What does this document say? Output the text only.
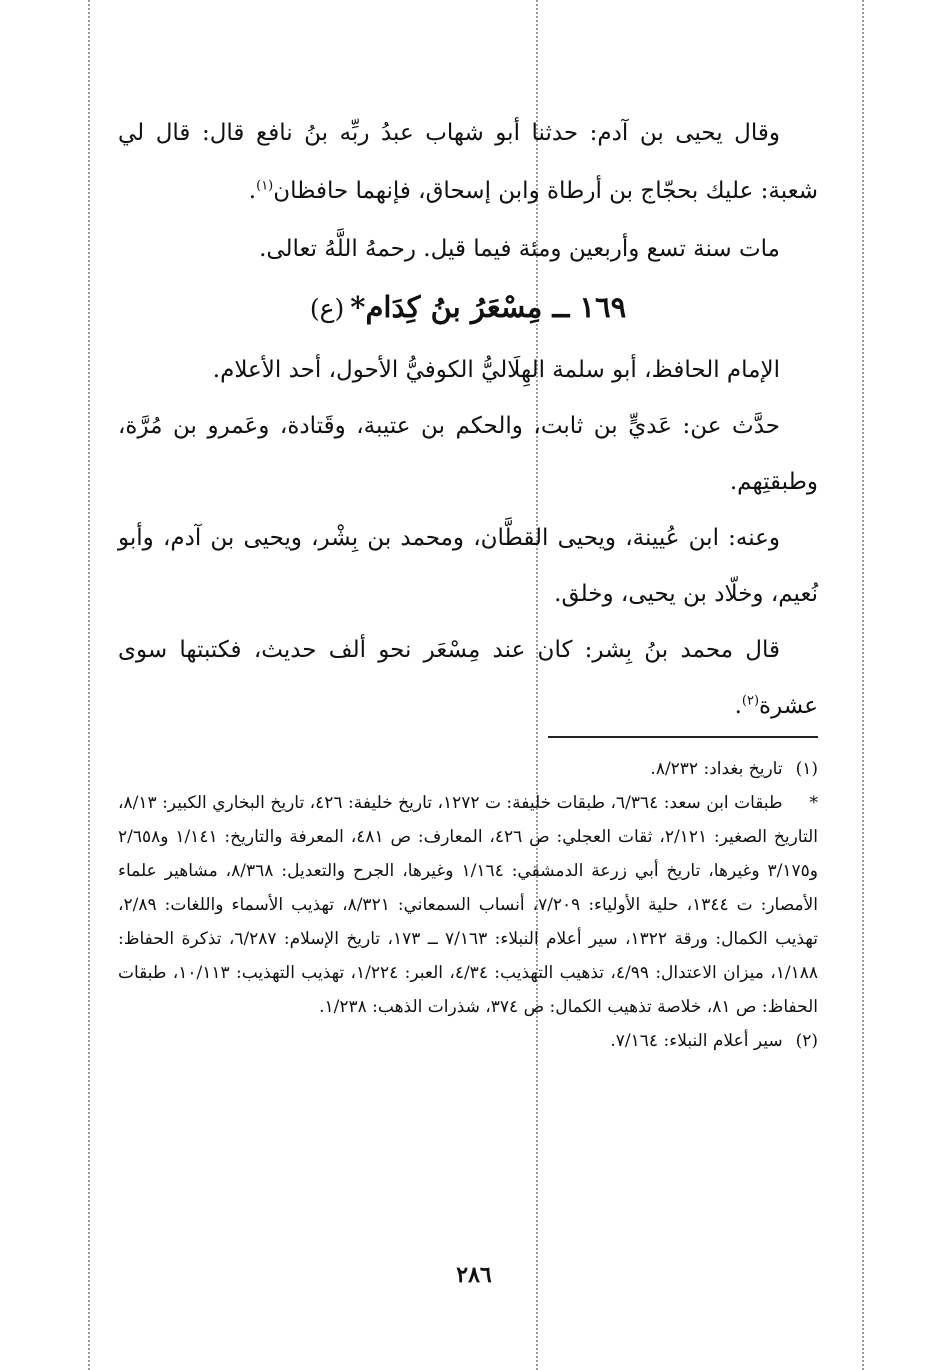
وقال يحيى بن آدم: حدثنا أبو شهاب عبدُ ربِّه بنُ نافع قال: قال لي شعبة: عليك بحجّاج بن أرطاة وابن إسحاق، فإنهما حافظان$^{(١)}$.

مات سنة تسع وأربعين ومئة فيما قيل. رحمهُ اللَّهُ تعالى.

١٦٩ ــ مِسْعَرُ بنُ كِدَام*(ع)

الإمام الحافظ، أبو سلمة الهِلَاليُّ الكوفيُّ الأحول، أحد الأعلام.

حدَّث عن: عَديٍّ بن ثابت، والحكم بن عتيبة، وقَتادة، وعَمرو بن مُرَّة، وطبقتِهم.

وعنه: ابن عُيينة، ويحيى القطَّان، ومحمد بن بِشْر، ويحيى بن آدم، وأبو نُعيم، وخلّاد بن يحيى، وخلق.

قال محمد بنُ بِشر: كان عند مِسْعَر نحو ألف حديث، فكتبتها سوى عشرة$^{(٢)}$.

(١) تاريخ بغداد: ٨/٢٣٢.

* طبقات ابن سعد: ٦/٣٦٤، طبقات خليفة: ت ١٢٧٢، تاريخ خليفة: ٤٢٦، تاريخ البخاري الكبير: ٨/١٣، التاريخ الصغير: ٢/١٢١، ثقات العجلي: ص ٤٢٦، المعارف: ص ٤٨١، المعرفة والتاريخ: ١/١٤١ و٢/٦٥٨ و٣/١٧٥ وغيرها، تاريخ أبي زرعة الدمشقي: ١/١٦٤ وغيرها، الجرح والتعديل: ٨/٣٦٨، مشاهير علماء الأمصار: ت ١٣٤٤، حلية الأولياء: ٧/٢٠٩، أنساب السمعاني: ٨/٣٢١، تهذيب الأسماء واللغات: ٢/٨٩، تهذيب الكمال: ورقة ١٣٢٢، سير أعلام النبلاء: ٧/١٦٣ ــ ١٧٣، تاريخ الإسلام: ٦/٢٨٧، تذكرة الحفاظ: ١/١٨٨، ميزان الاعتدال: ٤/٩٩، تذهيب التهذيب: ٤/٣٤، العبر: ١/٢٢٤، تهذيب التهذيب: ١٠/١١٣، طبقات الحفاظ: ص ٨١، خلاصة تذهيب الكمال: ص ٣٧٤، شذرات الذهب: ١/٢٣٨.

(٢) سير أعلام النبلاء: ٧/١٦٤.

٢٨٦
